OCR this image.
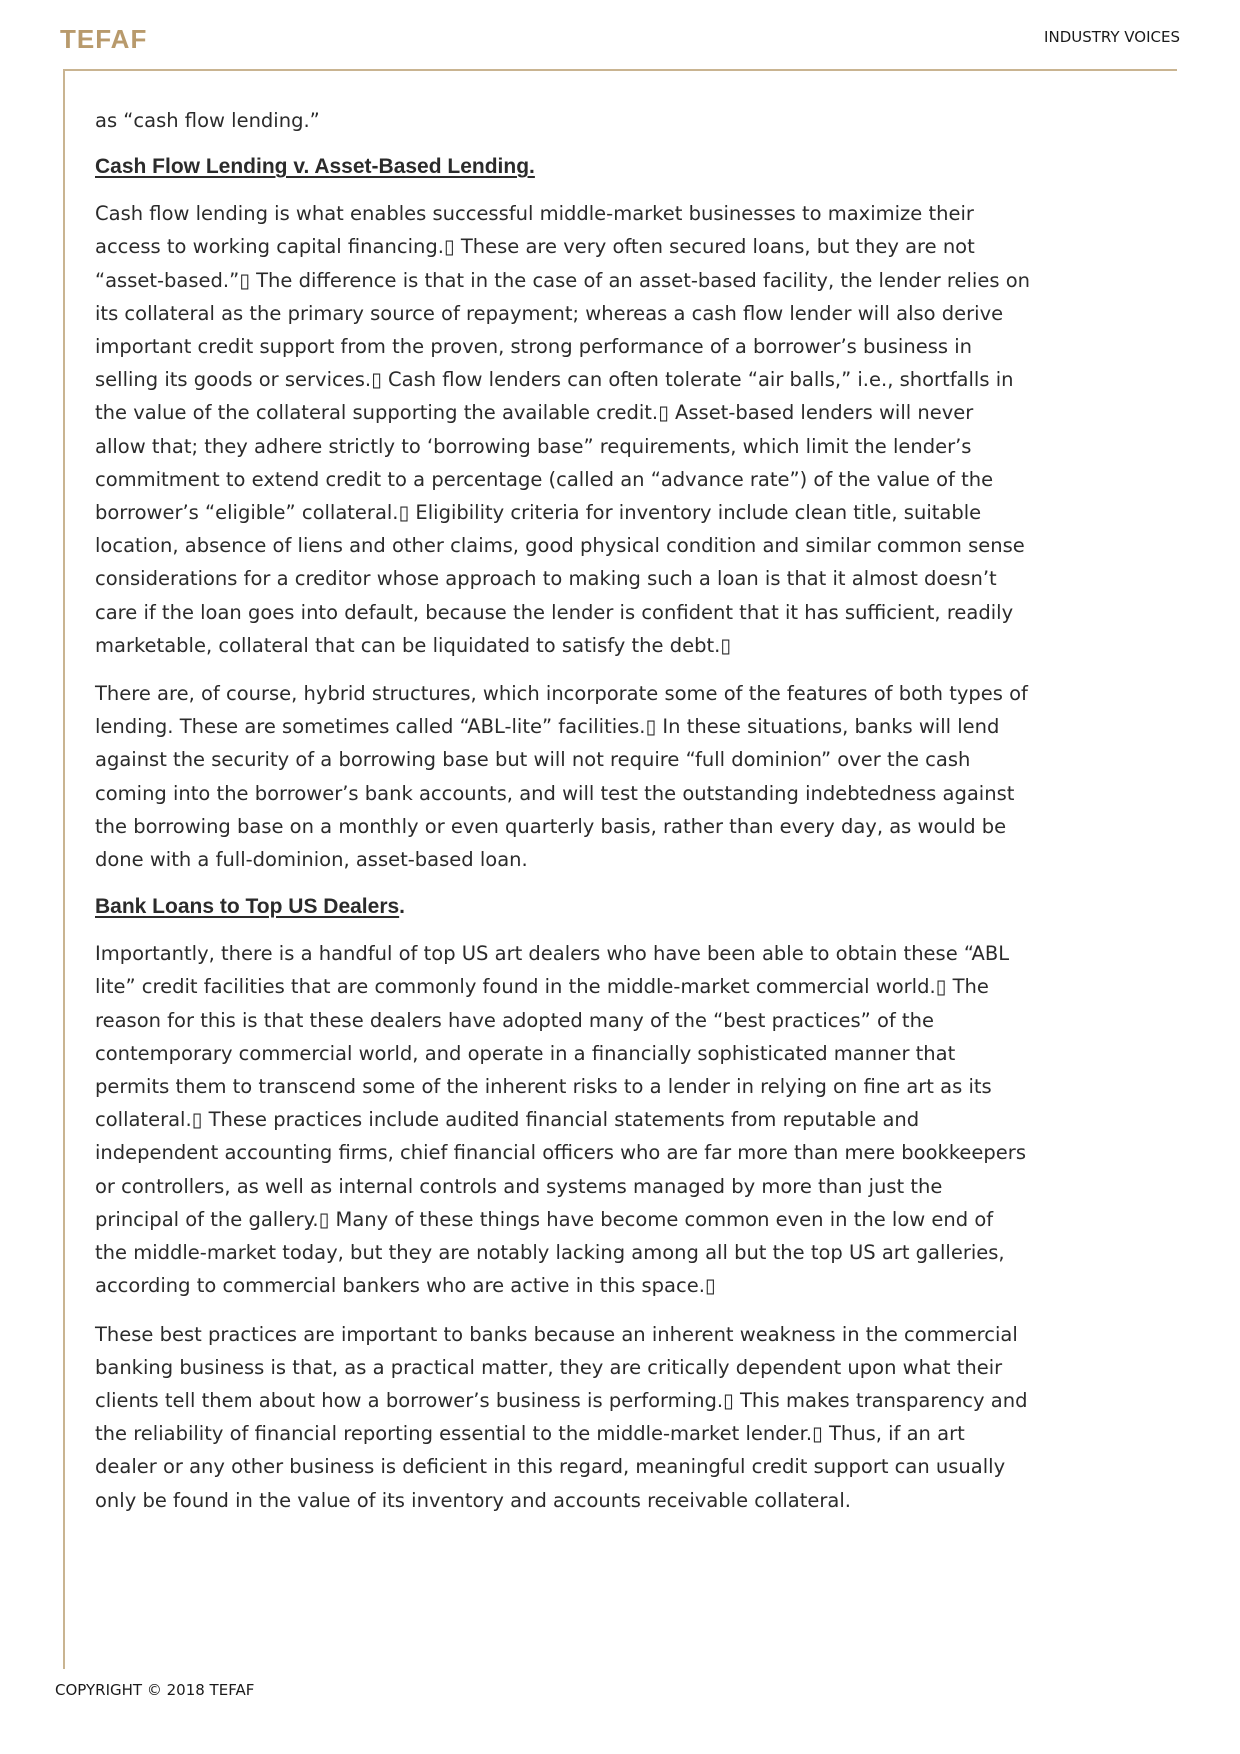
TEFAF	INDUSTRY VOICES

as “cash flow lending.”

Cash Flow Lending v. Asset-Based Lending.

Cash flow lending is what enables successful middle-market businesses to maximize their access to working capital financing.▯ These are very often secured loans, but they are not “asset-based.”▯ The difference is that in the case of an asset-based facility, the lender relies on its collateral as the primary source of repayment; whereas a cash flow lender will also derive important credit support from the proven, strong performance of a borrower’s business in selling its goods or services.▯ Cash flow lenders can often tolerate “air balls,” i.e., shortfalls in the value of the collateral supporting the available credit.▯ Asset-based lenders will never allow that; they adhere strictly to ‘borrowing base” requirements, which limit the lender’s commitment to extend credit to a percentage (called an “advance rate”) of the value of the borrower’s “eligible” collateral.▯ Eligibility criteria for inventory include clean title, suitable location, absence of liens and other claims, good physical condition and similar common sense considerations for a creditor whose approach to making such a loan is that it almost doesn’t care if the loan goes into default, because the lender is confident that it has sufficient, readily marketable, collateral that can be liquidated to satisfy the debt.▯

There are, of course, hybrid structures, which incorporate some of the features of both types of lending. These are sometimes called “ABL-lite” facilities.▯ In these situations, banks will lend against the security of a borrowing base but will not require “full dominion” over the cash coming into the borrower’s bank accounts, and will test the outstanding indebtedness against the borrowing base on a monthly or even quarterly basis, rather than every day, as would be done with a full-dominion, asset-based loan.

Bank Loans to Top US Dealers.

Importantly, there is a handful of top US art dealers who have been able to obtain these “ABL lite” credit facilities that are commonly found in the middle-market commercial world.▯ The reason for this is that these dealers have adopted many of the “best practices” of the contemporary commercial world, and operate in a financially sophisticated manner that permits them to transcend some of the inherent risks to a lender in relying on fine art as its collateral.▯ These practices include audited financial statements from reputable and independent accounting firms, chief financial officers who are far more than mere bookkeepers or controllers, as well as internal controls and systems managed by more than just the principal of the gallery.▯ Many of these things have become common even in the low end of the middle-market today, but they are notably lacking among all but the top US art galleries, according to commercial bankers who are active in this space.▯

These best practices are important to banks because an inherent weakness in the commercial banking business is that, as a practical matter, they are critically dependent upon what their clients tell them about how a borrower’s business is performing.▯ This makes transparency and the reliability of financial reporting essential to the middle-market lender.▯ Thus, if an art dealer or any other business is deficient in this regard, meaningful credit support can usually only be found in the value of its inventory and accounts receivable collateral.

COPYRIGHT © 2018 TEFAF
